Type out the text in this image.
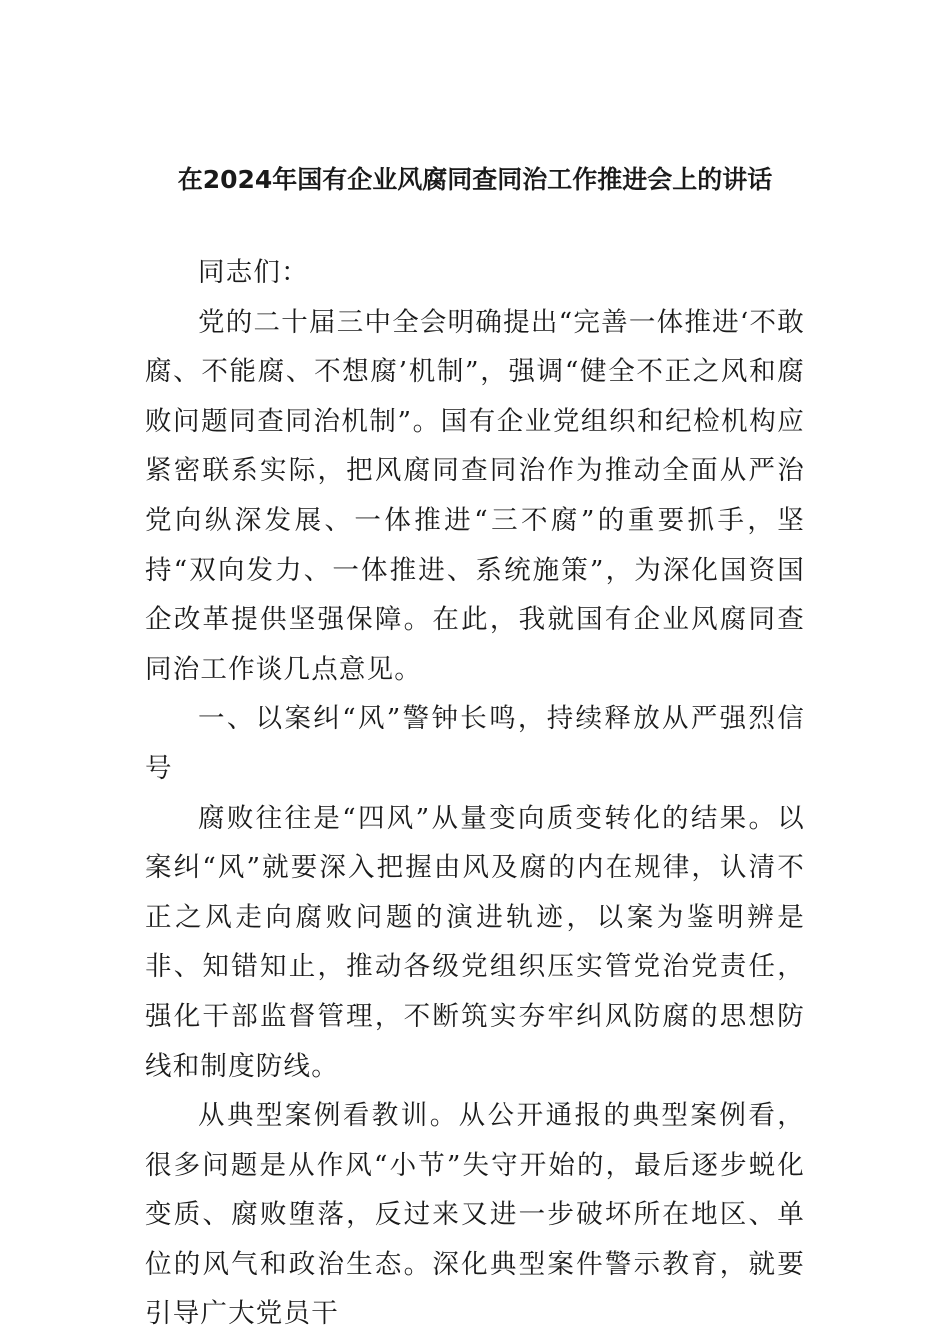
在2024年国有企业风腐同查同治工作推进会上的讲话

同志们：

党的二十届三中全会明确提出“完善一体推进‘不敢腐、不能腐、不想腐’机制”，强调“健全不正之风和腐败问题同查同治机制”。国有企业党组织和纪检机构应紧密联系实际，把风腐同查同治作为推动全面从严治党向纵深发展、一体推进“三不腐”的重要抓手，坚持“双向发力、一体推进、系统施策”，为深化国资国企改革提供坚强保障。在此，我就国有企业风腐同查同治工作谈几点意见。

一、以案纠“风”警钟长鸣，持续释放从严强烈信号

腐败往往是“四风”从量变向质变转化的结果。以案纠“风”就要深入把握由风及腐的内在规律，认清不正之风走向腐败问题的演进轨迹，以案为鉴明辨是非、知错知止，推动各级党组织压实管党治党责任，强化干部监督管理，不断筑实夯牢纠风防腐的思想防线和制度防线。

从典型案例看教训。从公开通报的典型案例看，很多问题是从作风“小节”失守开始的，最后逐步蜕化变质、腐败堕落，反过来又进一步破坏所在地区、单位的风气和政治生态。深化典型案件警示教育，就要引导广大党员干
